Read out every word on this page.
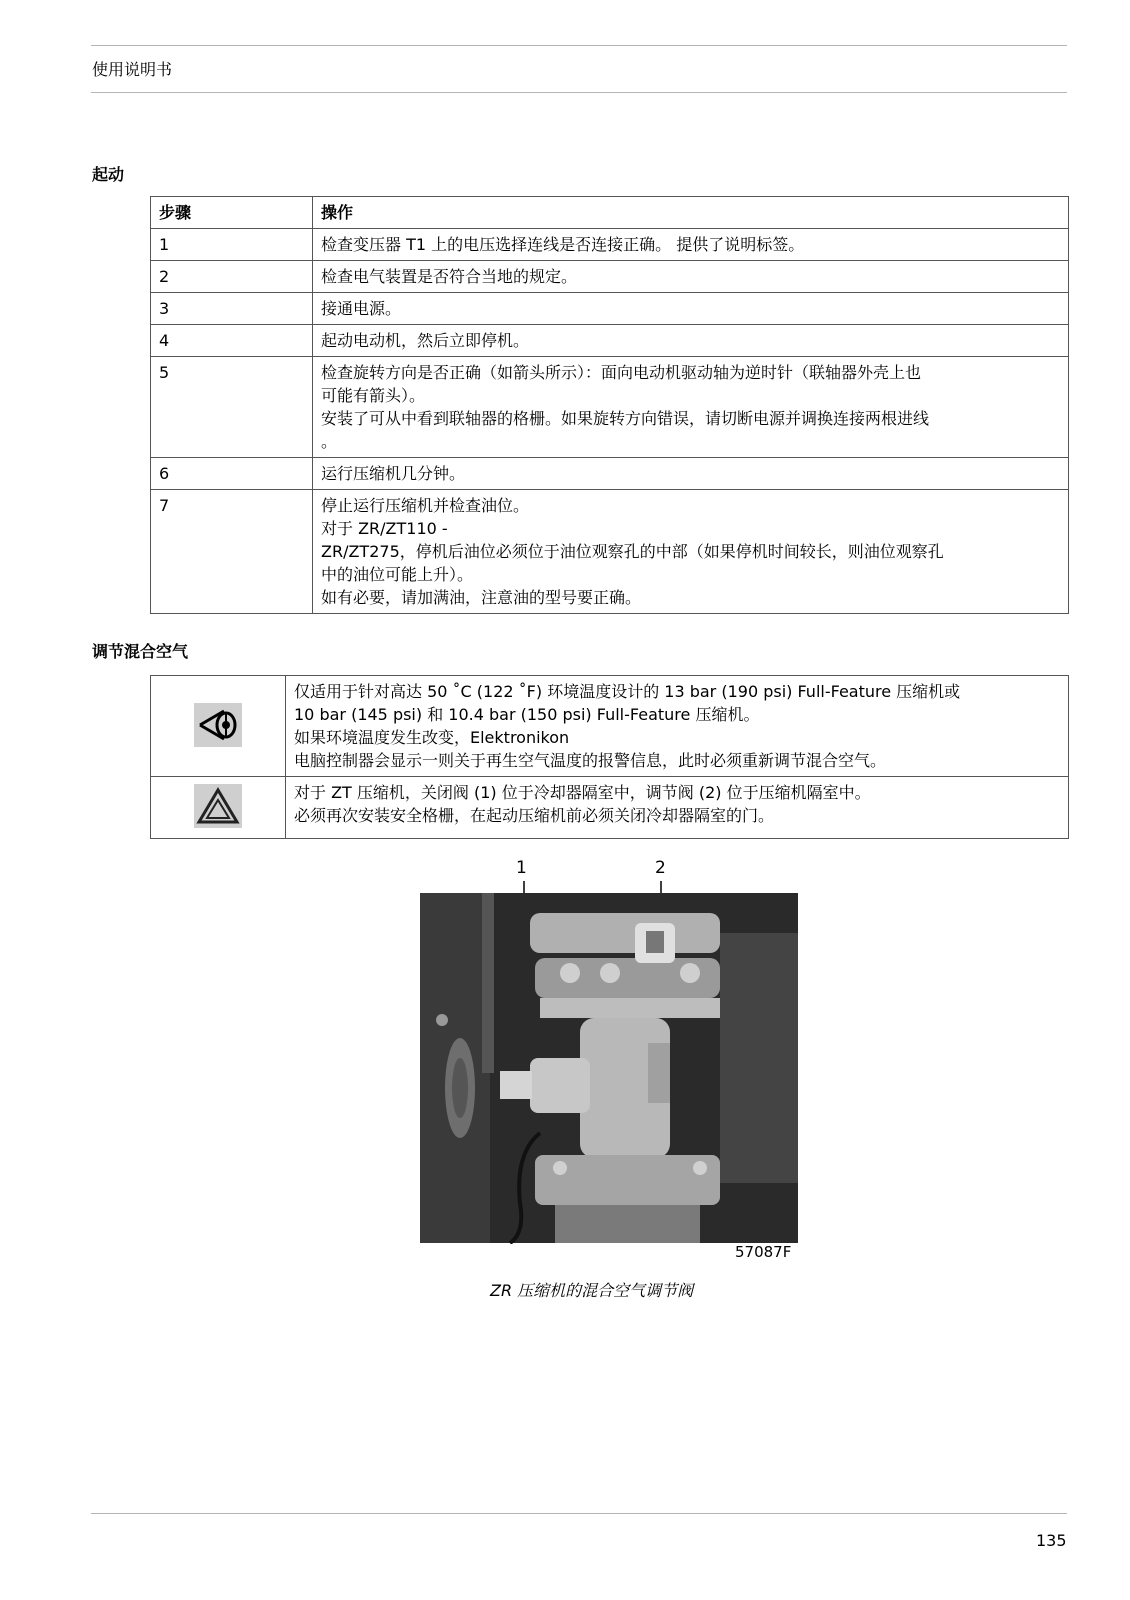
使用说明书
起动
步骤	操作
1	检查变压器 T1 上的电压选择连线是否连接正确。 提供了说明标签。

2	检查电气装置是否符合当地的规定。

3	接通电源。

4	起动电动机，然后立即停机。

5	检查旋转方向是否正确（如箭头所示）：面向电动机驱动轴为逆时针（联轴器外壳上也
可能有箭头）。
安装了可从中看到联轴器的格栅。如果旋转方向错误，请切断电源并调换连接两根进线
。

6	运行压缩机几分钟。

7	停止运行压缩机并检查油位。
对于 ZR/ZT110 -
ZR/ZT275，停机后油位必须位于油位观察孔的中部（如果停机时间较长，则油位观察孔
中的油位可能上升）。
如有必要，请加满油，注意油的型号要正确。
调节混合空气

仅适用于针对高达 50 ˚C (122 ˚F) 环境温度设计的 13 bar (190 psi) Full-Feature 压缩机或
10 bar (145 psi) 和 10.4 bar (150 psi) Full-Feature 压缩机。
如果环境温度发生改变，Elektronikon
电脑控制器会显示一则关于再生空气温度的报警信息，此时必须重新调节混合空气。

对于 ZT 压缩机，关闭阀 (1) 位于冷却器隔室中，调节阀 (2) 位于压缩机隔室中。
必须再次安装安全格栅，在起动压缩机前必须关闭冷却器隔室的门。
1	2
57087F
ZR 压缩机的混合空气调节阀
135
